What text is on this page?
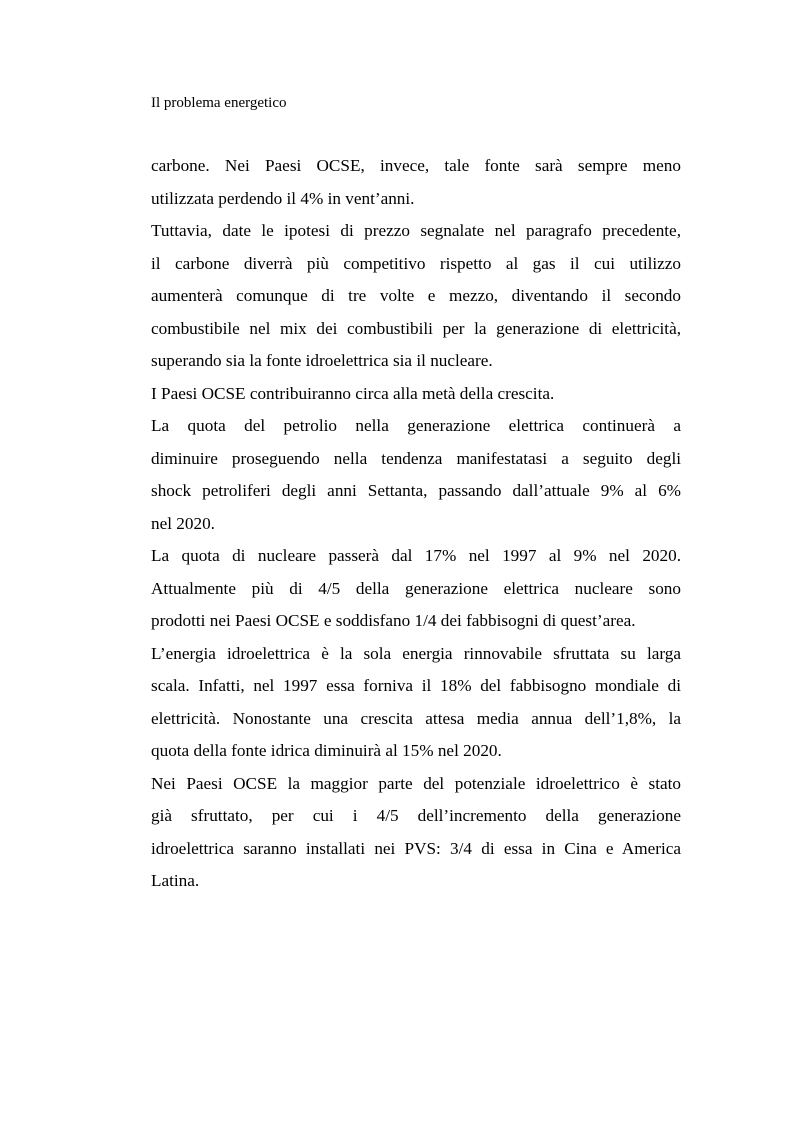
Il problema energetico
carbone. Nei Paesi OCSE, invece, tale fonte sarà sempre meno
utilizzata perdendo il 4% in vent’anni.
Tuttavia, date le ipotesi di prezzo segnalate nel paragrafo precedente,
il carbone diverrà più competitivo rispetto al gas il cui utilizzo
aumenterà comunque di tre volte e mezzo, diventando il secondo
combustibile nel mix dei combustibili per la generazione di elettricità,
superando sia la fonte idroelettrica sia il nucleare.
I Paesi OCSE contribuiranno circa alla metà della crescita.
La quota del petrolio nella generazione elettrica continuerà a
diminuire proseguendo nella tendenza manifestatasi a seguito degli
shock petroliferi degli anni Settanta, passando dall’attuale 9% al 6%
nel 2020.
La quota di nucleare passerà dal 17% nel 1997 al 9% nel 2020.
Attualmente più di 4/5 della generazione elettrica nucleare sono
prodotti nei Paesi OCSE e soddisfano 1/4 dei fabbisogni di quest’area.
L’energia idroelettrica è la sola energia rinnovabile sfruttata su larga
scala. Infatti, nel 1997 essa forniva il 18% del fabbisogno mondiale di
elettricità. Nonostante una crescita attesa media annua dell’1,8%, la
quota della fonte idrica diminuirà al 15% nel 2020.
Nei Paesi OCSE la maggior parte del potenziale idroelettrico è stato
già sfruttato, per cui i 4/5 dell’incremento della generazione
idroelettrica saranno installati nei PVS: 3/4 di essa in Cina e America
Latina.
